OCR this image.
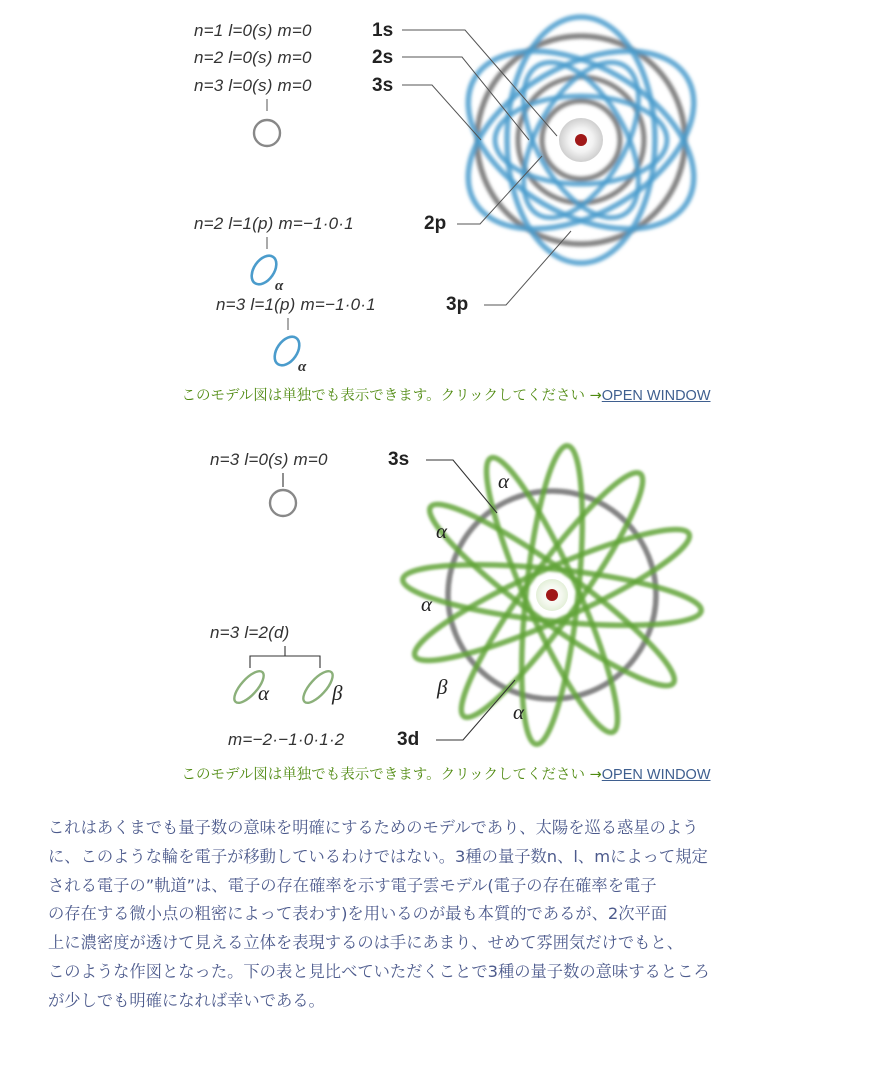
α
α
n=1 l=0(s) m=0	1s
n=2 l=0(s) m=0	2s
n=3 l=0(s) m=0	3s
n=2 l=1(p) m=−1·0·1	2p
n=3 l=1(p) m=−1·0·1	3p
このモデル図は単独でも表示できます。クリックしてください →OPEN WINDOW
α	β
α
α
α
β
α
n=3 l=0(s) m=0	3s
n=3 l=2(d)
m=−2·−1·0·1·2	3d
このモデル図は単独でも表示できます。クリックしてください →OPEN WINDOW

これはあくまでも量子数の意味を明確にするためのモデルであり、太陽を巡る惑星のよう

に、このような輪を電子が移動しているわけではない。3種の量子数n、l、mによって規定

される電子の”軌道”は、電子の存在確率を示す電子雲モデル(電子の存在確率を電子

の存在する微小点の粗密によって表わす)を用いるのが最も本質的であるが、2次平面

上に濃密度が透けて見える立体を表現するのは手にあまり、せめて雰囲気だけでもと、

このような作図となった。下の表と見比べていただくことで3種の量子数の意味するところ

が少しでも明確になれば幸いである。
